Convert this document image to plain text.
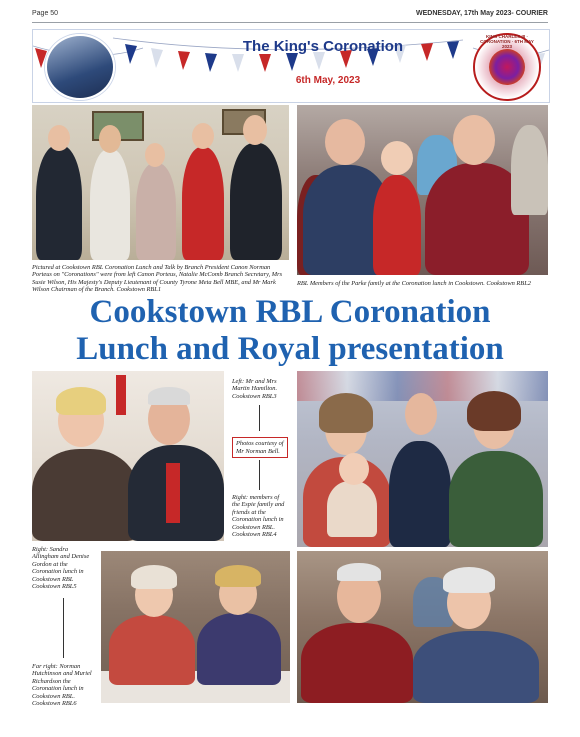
Page 50	WEDNESDAY, 17th May 2023- COURIER
The King's Coronation
6th May, 2023
KING CHARLES III · CORONATION · 6TH MAY 2023
Pictured at Cookstown RBL Coronation Lunch and Talk by Branch President Canon Norman Porteus on "Coronations" were from left Canon Porteus, Natalie McComb Branch Secretary, Mrs Susie Wilson, His Majesty's Deputy Lieutenant of County Tyrone Meta Bell MBE, and Mr Mark Wilson Chairman of the Branch. Cookstown RBL1
RBL Members of the Parke family at the Coronation lunch in Cookstown. Cookstown RBL2
Cookstown RBL Coronation
Lunch and Royal presentation
Left: Mr and Mrs Martin Hamilton. Cookstown RBL3
Photos courtesy of Mr Norman Bell.
Right: members of the Espie family and friends at the Coronation lunch in Cookstown RBL. Cookstown RBL4
Right: Sandra Allingham and Denise Gordon at the Coronation lunch in Cookstown RBL Cookstown RBL5
Far right: Norman Hutchinson and Muriel Richardson the Coronation lunch in Cookstown RBL. Cookstown RBL6
